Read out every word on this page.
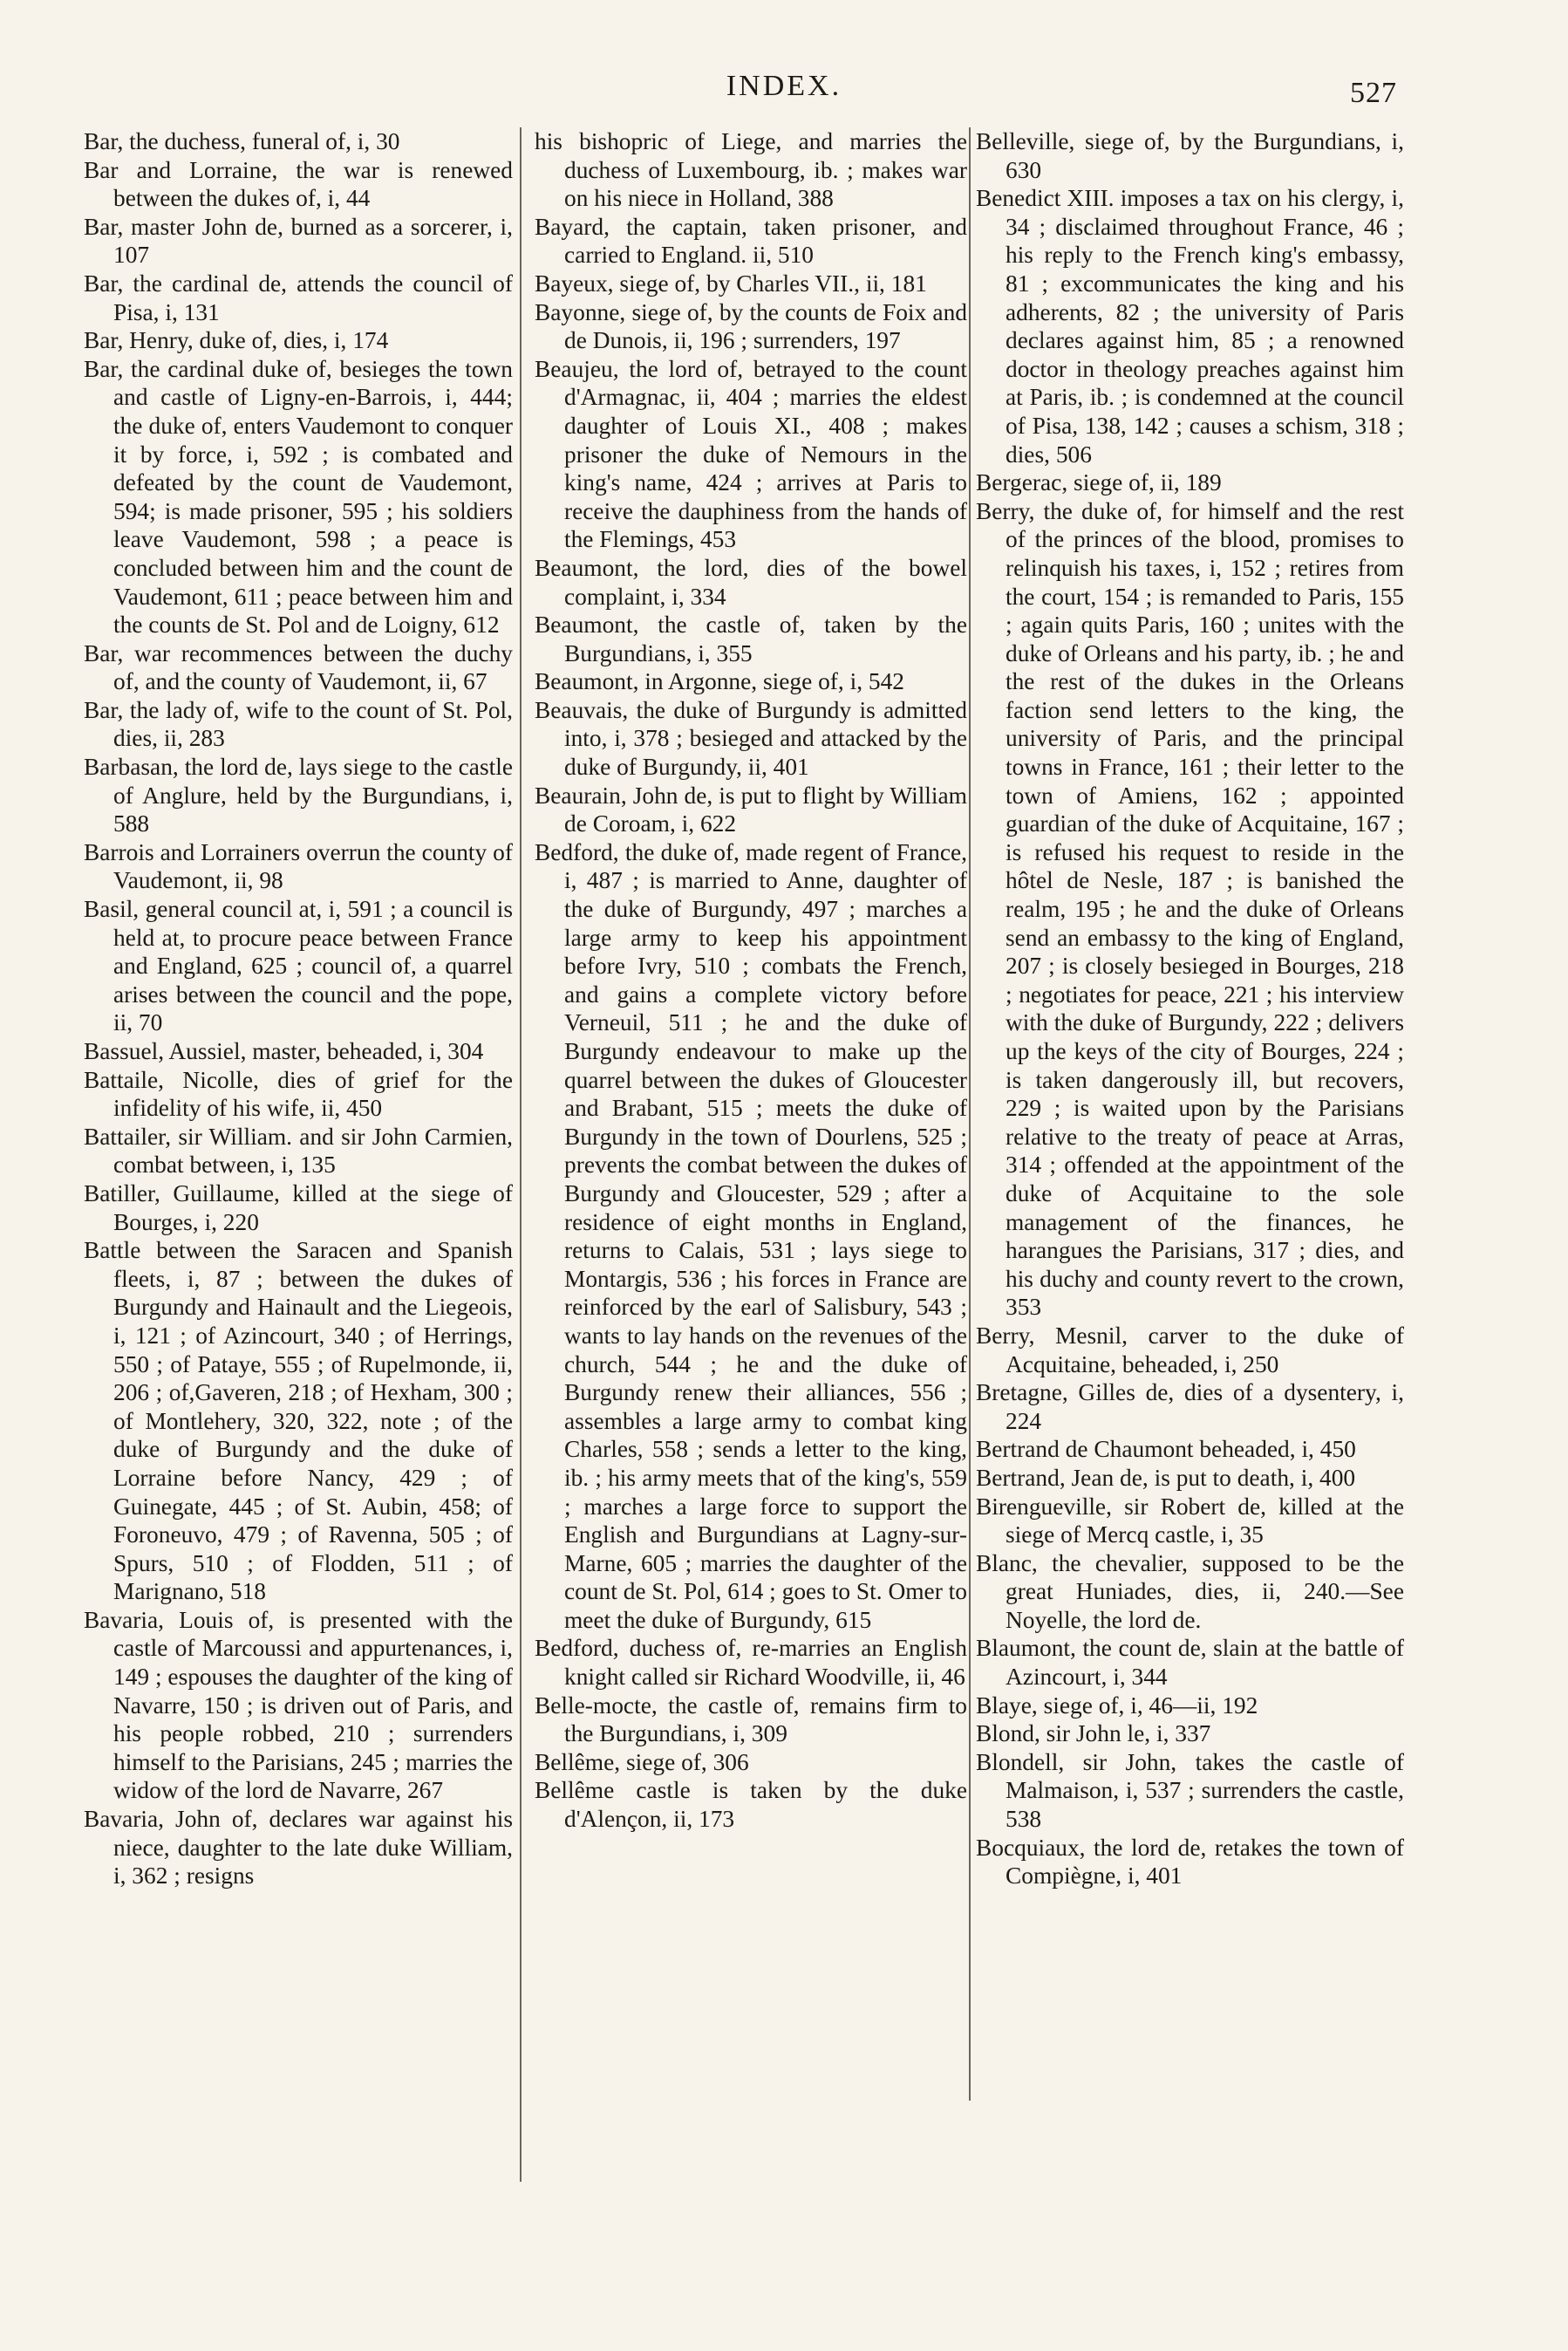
INDEX.	527
Bar, the duchess, funeral of, i, 30
Bar and Lorraine, the war is renewed between the dukes of, i, 44
Bar, master John de, burned as a sorcerer, i, 107
Bar, the cardinal de, attends the council of Pisa, i, 131
Bar, Henry, duke of, dies, i, 174
Bar, the cardinal duke of, besieges the town and castle of Ligny-en-Barrois, i, 444; the duke of, enters Vaudemont to conquer it by force, i, 592 ; is combated and defeated by the count de Vaudemont, 594; is made prisoner, 595 ; his soldiers leave Vaudemont, 598 ; a peace is concluded between him and the count de Vaudemont, 611 ; peace between him and the counts de St. Pol and de Loigny, 612
Bar, war recommences between the duchy of, and the county of Vaudemont, ii, 67
Bar, the lady of, wife to the count of St. Pol, dies, ii, 283
Barbasan, the lord de, lays siege to the castle of Anglure, held by the Burgundians, i, 588
Barrois and Lorrainers overrun the county of Vaudemont, ii, 98
Basil, general council at, i, 591 ; a council is held at, to procure peace between France and England, 625 ; council of, a quarrel arises between the council and the pope, ii, 70
Bassuel, Aussiel, master, beheaded, i, 304
Battaile, Nicolle, dies of grief for the infidelity of his wife, ii, 450
Battailer, sir William. and sir John Carmien, combat between, i, 135
Batiller, Guillaume, killed at the siege of Bourges, i, 220
Battle between the Saracen and Spanish fleets, i, 87 ; between the dukes of Burgundy and Hainault and the Liegeois, i, 121 ; of Azincourt, 340 ; of Herrings, 550 ; of Pataye, 555 ; of Rupelmonde, ii, 206 ; of,Gaveren, 218 ; of Hexham, 300 ; of Montlehery, 320, 322, note ; of the duke of Burgundy and the duke of Lorraine before Nancy, 429 ; of Guinegate, 445 ; of St. Aubin, 458; of Foroneuvo, 479 ; of Ravenna, 505 ; of Spurs, 510 ; of Flodden, 511 ; of Marignano, 518
Bavaria, Louis of, is presented with the castle of Marcoussi and appurtenances, i, 149 ; espouses the daughter of the king of Navarre, 150 ; is driven out of Paris, and his people robbed, 210 ; surrenders himself to the Parisians, 245 ; marries the widow of the lord de Navarre, 267
Bavaria, John of, declares war against his niece, daughter to the late duke William, i, 362 ; resigns
his bishopric of Liege, and marries the duchess of Luxembourg, ib. ; makes war on his niece in Holland, 388
Bayard, the captain, taken prisoner, and carried to England. ii, 510
Bayeux, siege of, by Charles VII., ii, 181
Bayonne, siege of, by the counts de Foix and de Dunois, ii, 196 ; surrenders, 197
Beaujeu, the lord of, betrayed to the count d'Armagnac, ii, 404 ; marries the eldest daughter of Louis XI., 408 ; makes prisoner the duke of Nemours in the king's name, 424 ; arrives at Paris to receive the dauphiness from the hands of the Flemings, 453
Beaumont, the lord, dies of the bowel complaint, i, 334
Beaumont, the castle of, taken by the Burgundians, i, 355
Beaumont, in Argonne, siege of, i, 542
Beauvais, the duke of Burgundy is admitted into, i, 378 ; besieged and attacked by the duke of Burgundy, ii, 401
Beaurain, John de, is put to flight by William de Coroam, i, 622
Bedford, the duke of, made regent of France, i, 487 ; is married to Anne, daughter of the duke of Burgundy, 497 ; marches a large army to keep his appointment before Ivry, 510 ; combats the French, and gains a complete victory before Verneuil, 511 ; he and the duke of Burgundy endeavour to make up the quarrel between the dukes of Gloucester and Brabant, 515 ; meets the duke of Burgundy in the town of Dourlens, 525 ; prevents the combat between the dukes of Burgundy and Gloucester, 529 ; after a residence of eight months in England, returns to Calais, 531 ; lays siege to Montargis, 536 ; his forces in France are reinforced by the earl of Salisbury, 543 ; wants to lay hands on the revenues of the church, 544 ; he and the duke of Burgundy renew their alliances, 556 ; assembles a large army to combat king Charles, 558 ; sends a letter to the king, ib. ; his army meets that of the king's, 559 ; marches a large force to support the English and Burgundians at Lagny-sur-Marne, 605 ; marries the daughter of the count de St. Pol, 614 ; goes to St. Omer to meet the duke of Burgundy, 615
Bedford, duchess of, re-marries an English knight called sir Richard Woodville, ii, 46
Belle-mocte, the castle of, remains firm to the Burgundians, i, 309
Bellême, siege of, 306
Bellême castle is taken by the duke d'Alençon, ii, 173
Belleville, siege of, by the Burgundians, i, 630
Benedict XIII. imposes a tax on his clergy, i, 34 ; disclaimed throughout France, 46 ; his reply to the French king's embassy, 81 ; excommunicates the king and his adherents, 82 ; the university of Paris declares against him, 85 ; a renowned doctor in theology preaches against him at Paris, ib. ; is condemned at the council of Pisa, 138, 142 ; causes a schism, 318 ; dies, 506
Bergerac, siege of, ii, 189
Berry, the duke of, for himself and the rest of the princes of the blood, promises to relinquish his taxes, i, 152 ; retires from the court, 154 ; is remanded to Paris, 155 ; again quits Paris, 160 ; unites with the duke of Orleans and his party, ib. ; he and the rest of the dukes in the Orleans faction send letters to the king, the university of Paris, and the principal towns in France, 161 ; their letter to the town of Amiens, 162 ; appointed guardian of the duke of Acquitaine, 167 ; is refused his request to reside in the hôtel de Nesle, 187 ; is banished the realm, 195 ; he and the duke of Orleans send an embassy to the king of England, 207 ; is closely besieged in Bourges, 218 ; negotiates for peace, 221 ; his interview with the duke of Burgundy, 222 ; delivers up the keys of the city of Bourges, 224 ; is taken dangerously ill, but recovers, 229 ; is waited upon by the Parisians relative to the treaty of peace at Arras, 314 ; offended at the appointment of the duke of Acquitaine to the sole management of the finances, he harangues the Parisians, 317 ; dies, and his duchy and county revert to the crown, 353
Berry, Mesnil, carver to the duke of Acquitaine, beheaded, i, 250
Bretagne, Gilles de, dies of a dysentery, i, 224
Bertrand de Chaumont beheaded, i, 450
Bertrand, Jean de, is put to death, i, 400
Birengueville, sir Robert de, killed at the siege of Mercq castle, i, 35
Blanc, the chevalier, supposed to be the great Huniades, dies, ii, 240.—See Noyelle, the lord de.
Blaumont, the count de, slain at the battle of Azincourt, i, 344
Blaye, siege of, i, 46—ii, 192
Blond, sir John le, i, 337
Blondell, sir John, takes the castle of Malmaison, i, 537 ; surrenders the castle, 538
Bocquiaux, the lord de, retakes the town of Compiègne, i, 401
